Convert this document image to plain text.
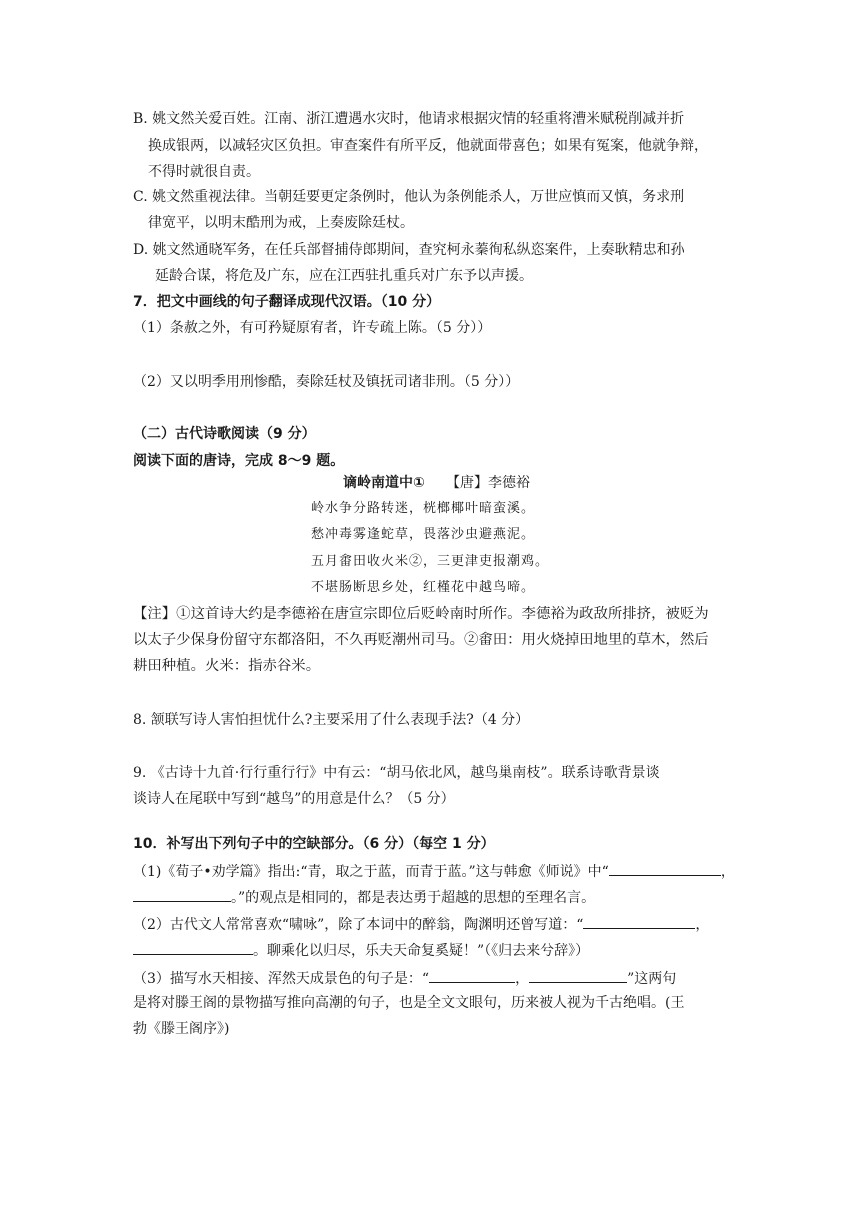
B. 姚文然关爱百姓。江南、浙江遭遇水灾时，他请求根据灾情的轻重将漕米赋税削减并折
换成银两，以减轻灾区负担。审查案件有所平反，他就面带喜色；如果有冤案，他就争辩，
不得时就很自责。
C. 姚文然重视法律。当朝廷要更定条例时，他认为条例能杀人，万世应慎而又慎，务求刑
律宽平，以明末酷刑为戒，上奏废除廷杖。
D. 姚文然通晓军务，在任兵部督捕侍郎期间，查究柯永蓁徇私纵恣案件，上奏耿精忠和孙
延龄合谋，将危及广东，应在江西驻扎重兵对广东予以声援。
7．把文中画线的句子翻译成现代汉语。（10 分）
（1）条赦之外，有可矜疑原宥者，许专疏上陈。（5 分））
（2）又以明季用刑惨酷，奏除廷杖及镇抚司诸非刑。（5 分））
（二）古代诗歌阅读（9 分）
阅读下面的唐诗，完成 8～9 题。
谪岭南道中① 【唐】李德裕
岭水争分路转迷，桄榔椰叶暗蛮溪。
愁冲毒雾逢蛇草，畏落沙虫避燕泥。
五月畬田收火米②，三更津吏报潮鸡。
不堪肠断思乡处，红槿花中越鸟啼。
【注】①这首诗大约是李德裕在唐宣宗即位后贬岭南时所作。李德裕为政敌所排挤，被贬为
以太子少保身份留守东都洛阳，不久再贬潮州司马。②畬田：用火烧掉田地里的草木，然后
耕田种植。火米：指赤谷米。
8. 颔联写诗人害怕担忧什么?主要采用了什么表现手法?（4 分）
9. 《古诗十九首·行行重行行》中有云：“胡马依北风，越鸟巢南枝”。联系诗歌背景谈
谈诗人在尾联中写到“越鸟”的用意是什么？（5 分）
10．补写出下列句子中的空缺部分。（6 分）（每空 1 分）
（1)《荀子•劝学篇》指出:“青，取之于蓝，而青于蓝。”这与韩愈《师说》中“	，
。”的观点是相同的，都是表达勇于超越的思想的至理名言。
（2）古代文人常常喜欢“啸咏”，除了本词中的醉翁，陶渊明还曾写道：“	，
。聊乘化以归尽，乐夫天命复奚疑！”（《归去来兮辞》）
（3）描写水天相接、浑然天成景色的句子是：“	，	”这两句
是将对滕王阁的景物描写推向高潮的句子，也是全文文眼句，历来被人视为千古绝唱。(王
勃《滕王阁序》)
